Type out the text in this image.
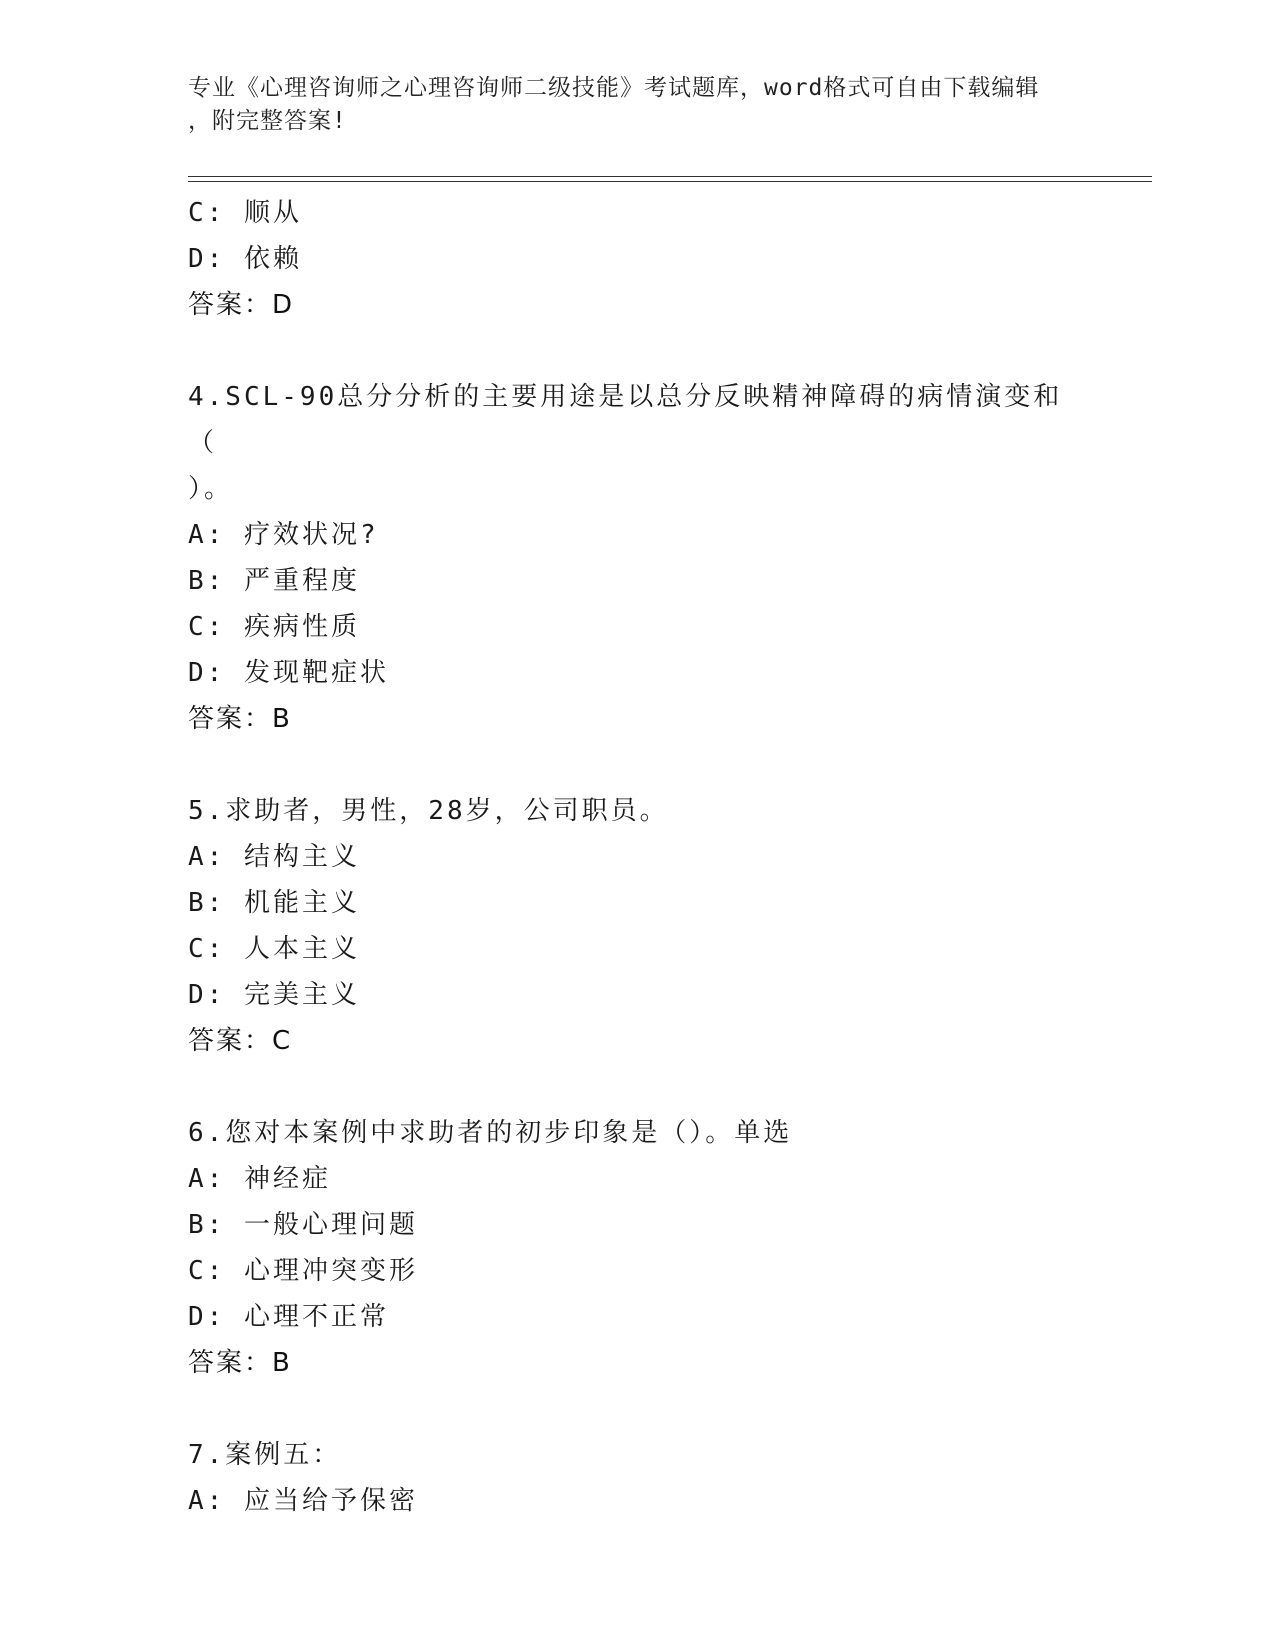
专业《心理咨询师之心理咨询师二级技能》考试题库，word格式可自由下载编辑
，附完整答案!
C: 顺从
D: 依赖
答案：D
4.SCL-90总分分析的主要用途是以总分反映精神障碍的病情演变和（
）。
A: 疗效状况?
B: 严重程度
C: 疾病性质
D: 发现靶症状
答案：B
5.求助者，男性，28岁，公司职员。
A: 结构主义
B: 机能主义
C: 人本主义
D: 完美主义
答案：C
6.您对本案例中求助者的初步印象是（）。单选
A: 神经症
B: 一般心理问题
C: 心理冲突变形
D: 心理不正常
答案：B
7.案例五：
A: 应当给予保密
